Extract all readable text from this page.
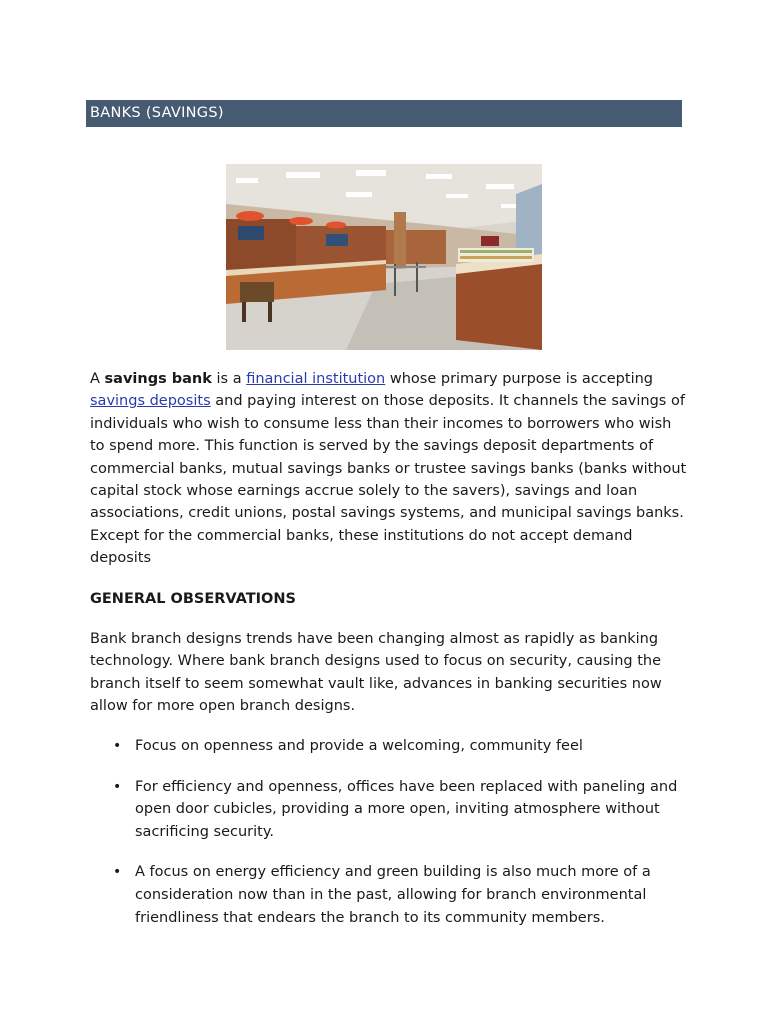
BANKS (SAVINGS)

A savings bank is a financial institution whose primary purpose is accepting savings deposits and paying interest on those deposits. It channels the savings of individuals who wish to consume less than their incomes to borrowers who wish to spend more. This function is served by the savings deposit departments of commercial banks, mutual savings banks or trustee savings banks (banks without capital stock whose earnings accrue solely to the savers), savings and loan associations, credit unions, postal savings systems, and municipal savings banks. Except for the commercial banks, these institutions do not accept demand deposits

GENERAL OBSERVATIONS

Bank branch designs trends have been changing almost as rapidly as banking technology. Where bank branch designs used to focus on security, causing the branch itself to seem somewhat vault like, advances in banking securities now allow for more open branch designs.

• Focus on openness and provide a welcoming, community feel
• For efficiency and openness, offices have been replaced with paneling and open door cubicles, providing a more open, inviting atmosphere without sacrificing security.
• A focus on energy efficiency and green building is also much more of a consideration now than in the past, allowing for branch environmental friendliness that endears the branch to its community members.
